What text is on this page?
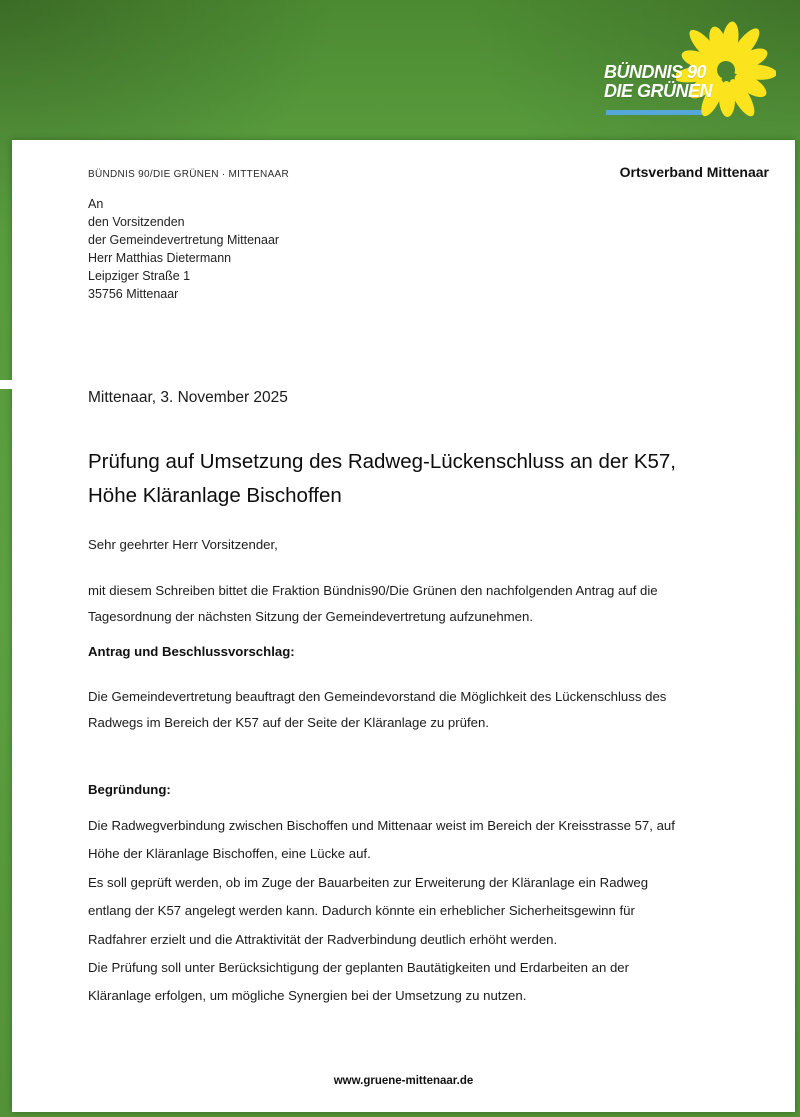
BÜNDNIS 90
DIE GRÜNEN
BÜNDNIS 90/DIE GRÜNEN · MITTENAAR	Ortsverband Mittenaar
An
den Vorsitzenden
der Gemeindevertretung Mittenaar
Herr Matthias Dietermann
Leipziger Straße 1
35756 Mittenaar
Mittenaar, 3. November 2025
Prüfung auf Umsetzung des Radweg-Lückenschluss an der K57,
Höhe Kläranlage Bischoffen
Sehr geehrter Herr Vorsitzender,
mit diesem Schreiben bittet die Fraktion Bündnis90/Die Grünen den nachfolgenden Antrag auf die
Tagesordnung der nächsten Sitzung der Gemeindevertretung aufzunehmen.
Antrag und Beschlussvorschlag:
Die Gemeindevertretung beauftragt den Gemeindevorstand die Möglichkeit des Lückenschluss des
Radwegs im Bereich der K57 auf der Seite der Kläranlage zu prüfen.
Begründung:
Die Radwegverbindung zwischen Bischoffen und Mittenaar weist im Bereich der Kreisstrasse 57, auf
Höhe der Kläranlage Bischoffen, eine Lücke auf.
Es soll geprüft werden, ob im Zuge der Bauarbeiten zur Erweiterung der Kläranlage ein Radweg
entlang der K57 angelegt werden kann. Dadurch könnte ein erheblicher Sicherheitsgewinn für
Radfahrer erzielt und die Attraktivität der Radverbindung deutlich erhöht werden.
Die Prüfung soll unter Berücksichtigung der geplanten Bautätigkeiten und Erdarbeiten an der
Kläranlage erfolgen, um mögliche Synergien bei der Umsetzung zu nutzen.
www.gruene-mittenaar.de
